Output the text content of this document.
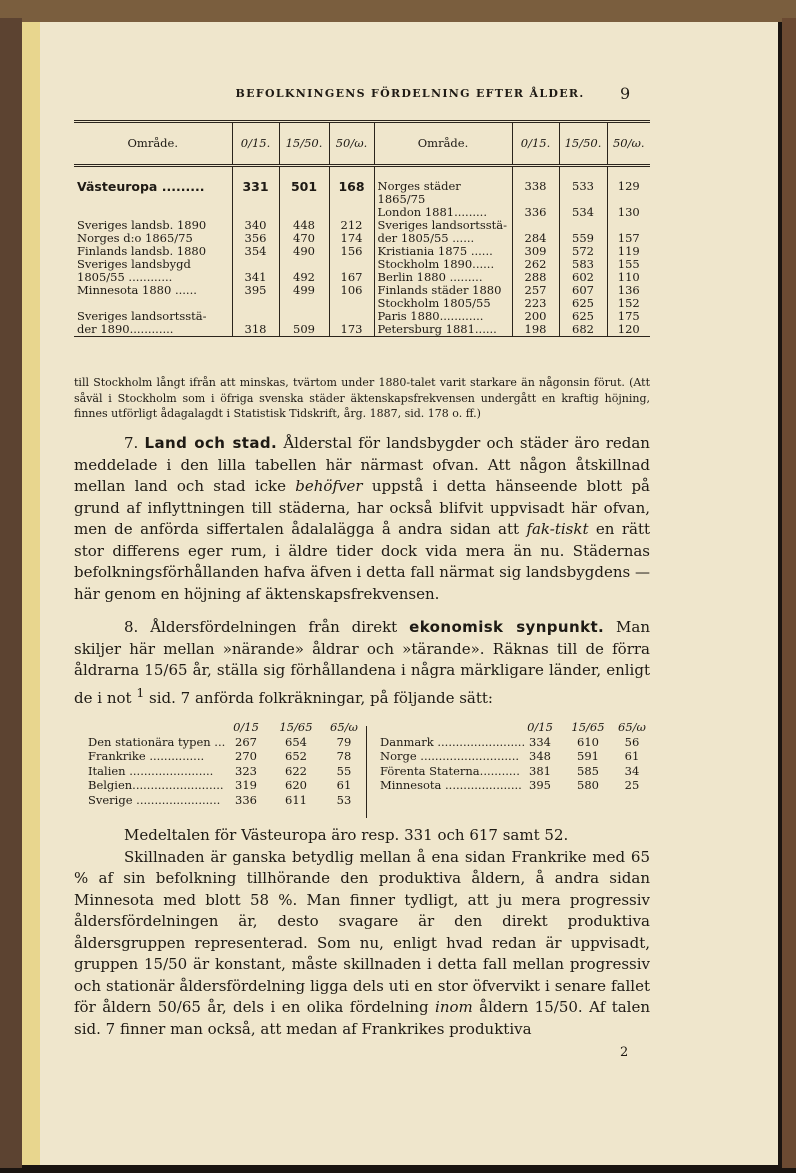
BEFOLKNINGENS FÖRDELNING EFTER ÅLDER.	9
Område.	0/15.	15/50.	50/ω.	Område.	0/15.	15/50.	50/ω.

Västeuropa .........	331	501	168	Norges städer 1865/75	338	533	129
				London 1881.........	336	534	130
Sveriges landsb. 1890	340	448	212	Sveriges landsortsstä-			
Norges d:o 1865/75	356	470	174	der 1805/55 ......	284	559	157
Finlands landsb. 1880	354	490	156	Kristiania 1875 ......	309	572	119
Sveriges landsbygd				Stockholm 1890......	262	583	155
1805/55 ............	341	492	167	Berlin 1880 .........	288	602	110
Minnesota 1880 ......	395	499	106	Finlands städer 1880	257	607	136
				Stockholm 1805/55	223	625	152
Sveriges landsortsstä-				Paris 1880............	200	625	175
der 1890............	318	509	173	Petersburg 1881......	198	682	120
till Stockholm långt ifrån att minskas, tvärtom under 1880-talet varit starkare än någonsin förut. (Att såväl i Stockholm som i öfriga svenska städer äktenskapsfrekvensen undergått en kraftig höjning, finnes utförligt ådagalagdt i Statistisk Tidskrift, årg. 1887, sid. 178 o. ff.)

7. Land och stad. Ålderstal för landsbygder och städer äro redan meddelade i den lilla tabellen här närmast ofvan. Att någon åtskillnad mellan land och stad icke behöfver uppstå i detta hänseende blott på grund af inflyttningen till städerna, har också blifvit uppvisadt här ofvan, men de anförda siffertalen ådalalägga å andra sidan att fak-tiskt en rätt stor differens eger rum, i äldre tider dock vida mera än nu. Städernas befolkningsförhållanden hafva äfven i detta fall närmat sig landsbygdens — här genom en höjning af äktenskapsfrekvensen.

8. Åldersfördelningen från direkt ekonomisk synpunkt. Man skiljer här mellan »närande» åldrar och »tärande». Räknas till de förra åldrarna 15/65 år, ställa sig förhållandena i några märkligare länder, enligt de i not $^1$ sid. 7 anförda folkräkningar, på följande sätt:

0/15	15/65	65/ω
Den stationära typen ... 267	654	79
Frankrike ...............	270	652	78
Italien .......................	323	622	55
Belgien......................... 319	620	61
Sverige .......................	336	611	53
0/15	15/65	65/ω
Danmark ........................ 334	610	56
Norge ........................... 348	591	61
Förenta Staterna........... 381	585	34
Minnesota ..................... 395	580	25

Medeltalen för Västeuropa äro resp. 331 och 617 samt 52.

Skillnaden är ganska betydlig mellan å ena sidan Frankrike med 65 % af sin befolkning tillhörande den produktiva åldern, å andra sidan Minnesota med blott 58 %. Man finner tydligt, att ju mera progressiv åldersfördelningen är, desto svagare är den direkt produktiva åldersgruppen representerad. Som nu, enligt hvad redan är uppvisadt, gruppen 15/50 är konstant, måste skillnaden i detta fall mellan progressiv och stationär åldersfördelning ligga dels uti en stor öfvervikt i senare fallet för åldern 50/65 år, dels i en olika fördelning inom åldern 15/50. Af talen sid. 7 finner man också, att medan af Frankrikes produktiva

2
